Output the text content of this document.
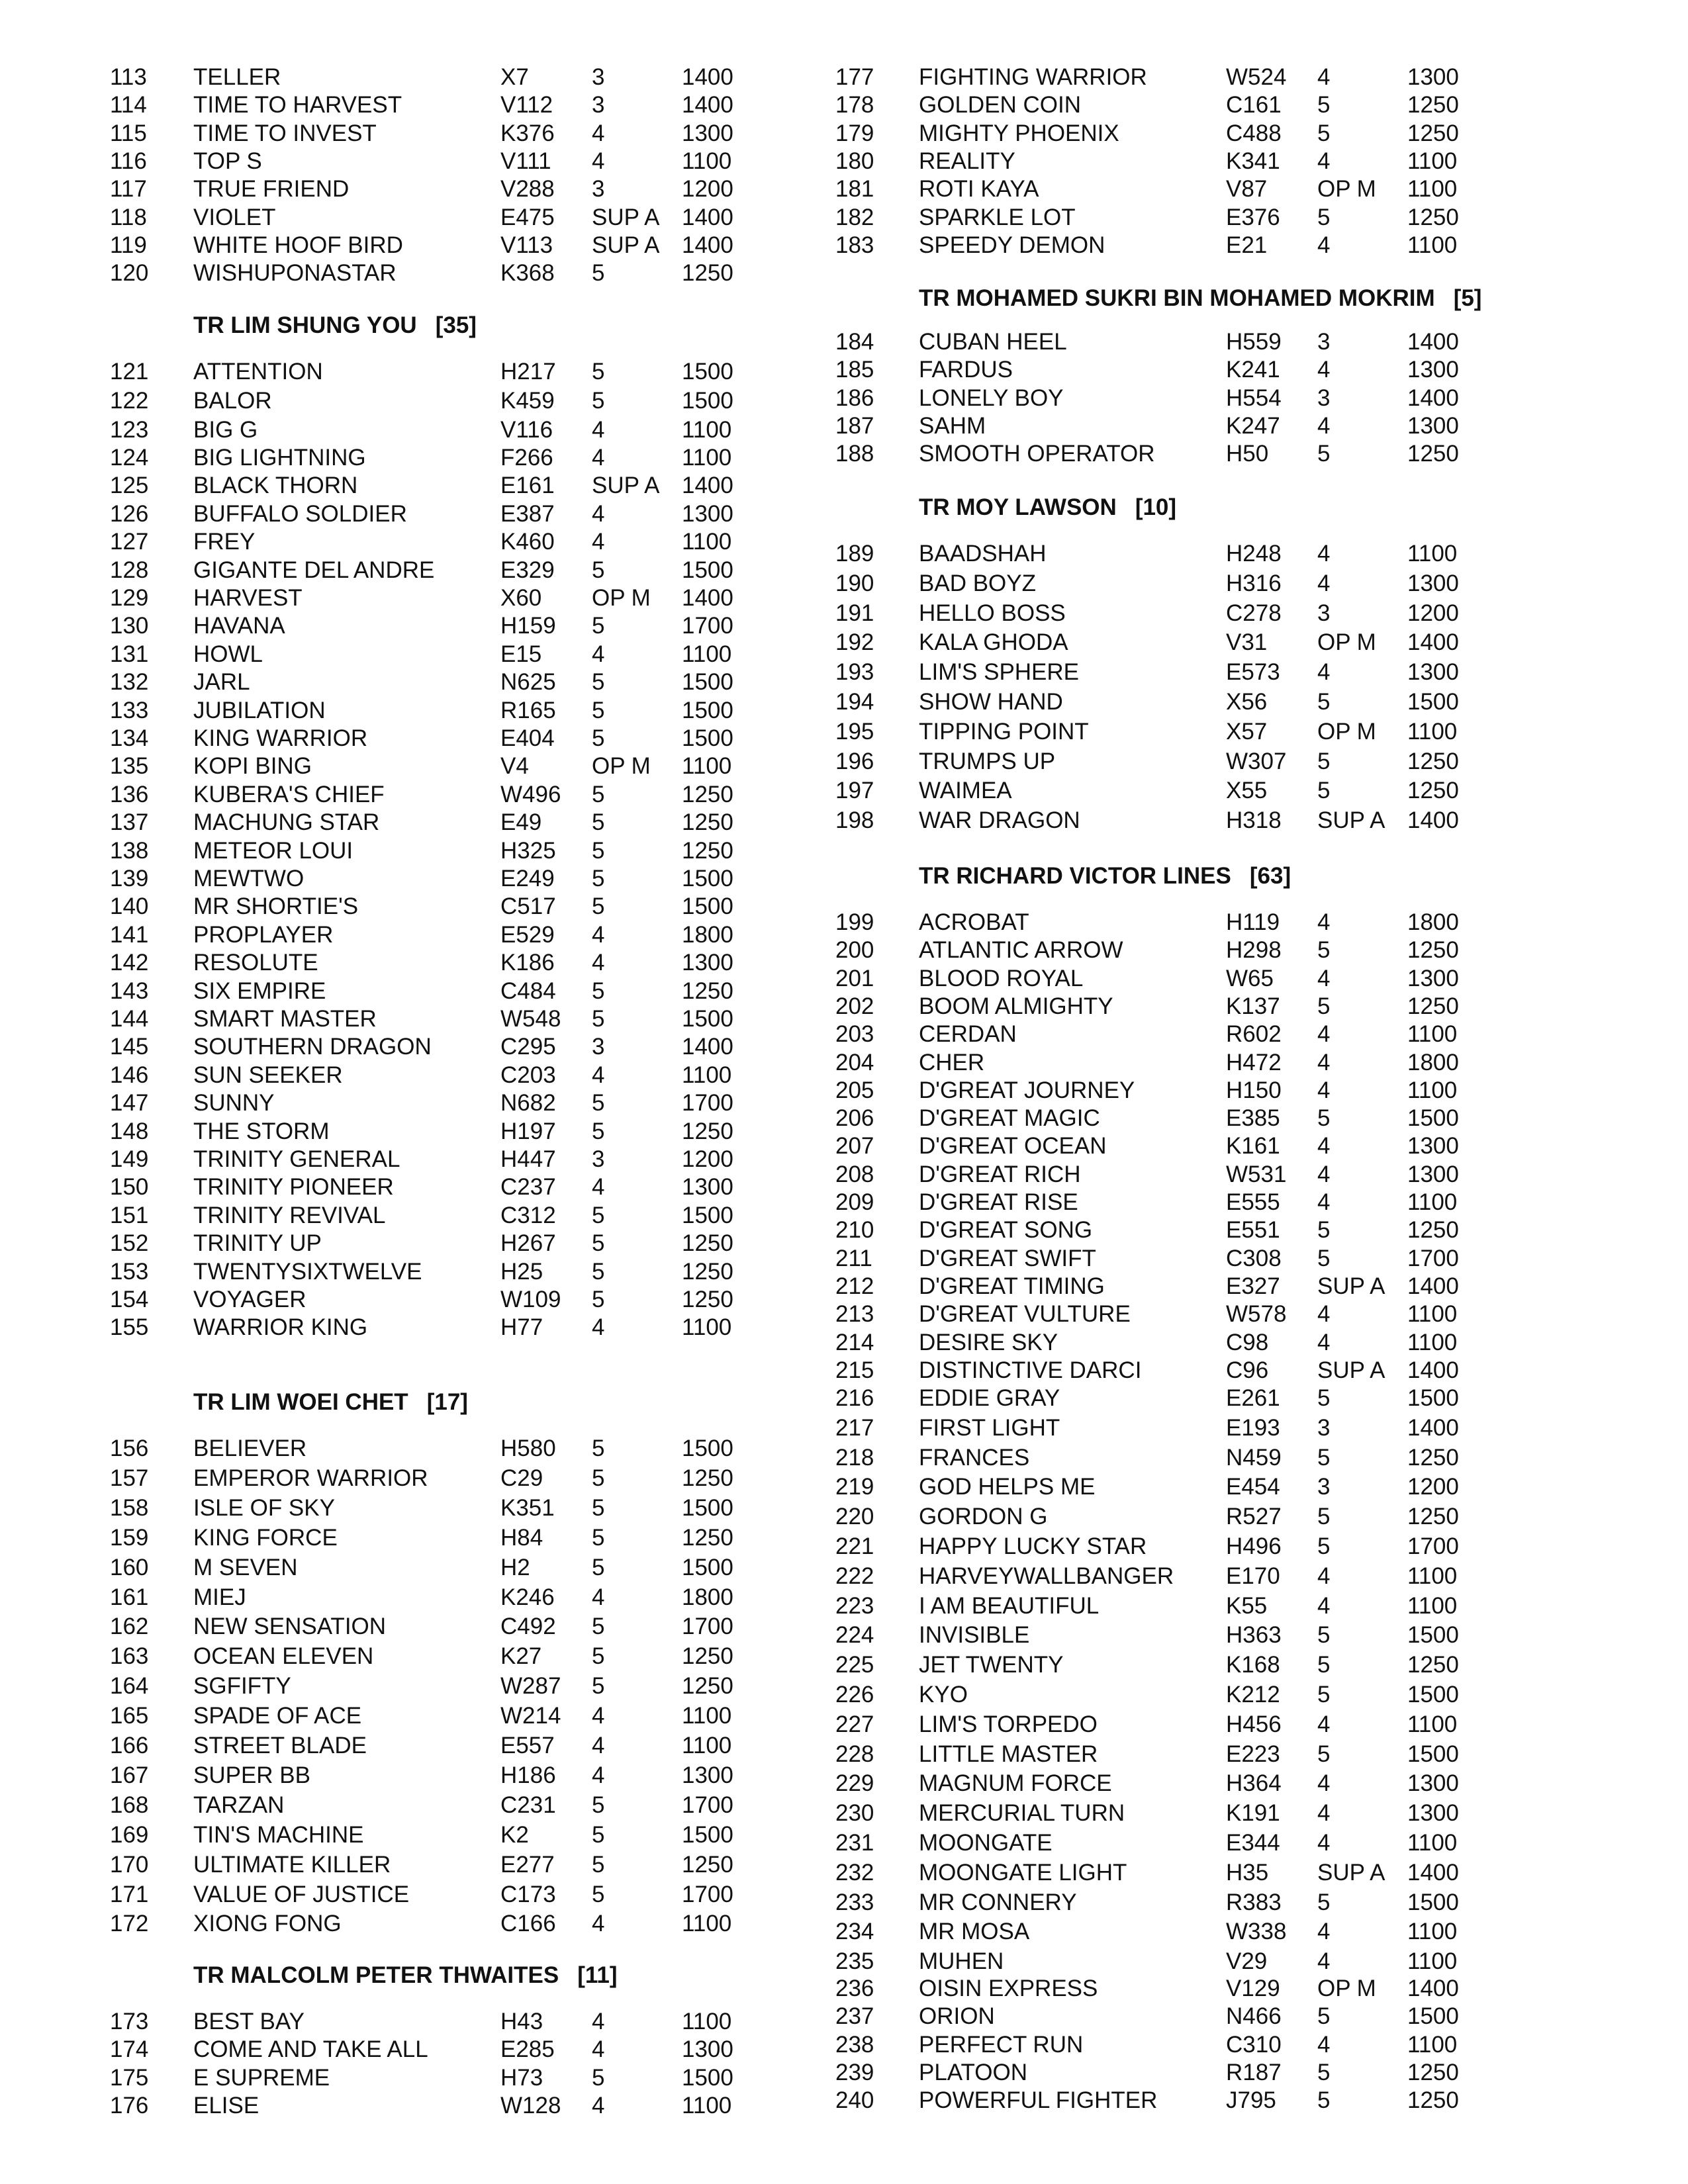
113 TELLER	X7	3	1400
114 TIME TO HARVEST	V112 3	1400
115 TIME TO INVEST	K376 4	1300
116 TOP S	V111 4	1100
117 TRUE FRIEND	V288 3	1200
118 VIOLET	E475 SUP A 1400
119 WHITE HOOF BIRD	V113 SUP A 1400
120 WISHUPONASTAR	K368 5	1250
TR LIM SHUNG YOU [35]
121 ATTENTION	H217 5	1500
122 BALOR	K459 5	1500
123 BIG G	V116 4	1100
124 BIG LIGHTNING	F266 4	1100
125 BLACK THORN	E161 SUP A 1400
126 BUFFALO SOLDIER	E387 4	1300
127 FREY	K460 4	1100
128 GIGANTE DEL ANDRE	E329 5	1500
129 HARVEST	X60 OP M 1400
130 HAVANA	H159 5	1700
131 HOWL	E15 4	1100
132 JARL	N625 5	1500
133 JUBILATION	R165 5	1500
134 KING WARRIOR	E404 5	1500
135 KOPI BING	V4	OP M 1100
136 KUBERA'S CHIEF	W496 5	1250
137 MACHUNG STAR	E49 5	1250
138 METEOR LOUI	H325 5	1250
139 MEWTWO	E249 5	1500
140 MR SHORTIE'S	C517 5	1500
141 PROPLAYER	E529 4	1800
142 RESOLUTE	K186 4	1300
143 SIX EMPIRE	C484 5	1250
144 SMART MASTER	W548 5	1500
145 SOUTHERN DRAGON	C295 3	1400
146 SUN SEEKER	C203 4	1100
147 SUNNY	N682 5	1700
148 THE STORM	H197 5	1250
149 TRINITY GENERAL	H447 3	1200
150 TRINITY PIONEER	C237 4	1300
151 TRINITY REVIVAL	C312 5	1500
152 TRINITY UP	H267 5	1250
153 TWENTYSIXTWELVE	H25 5	1250
154 VOYAGER	W109 5	1250
155 WARRIOR KING	H77 4	1100
TR LIM WOEI CHET [17]
156 BELIEVER	H580 5	1500
157 EMPEROR WARRIOR	C29 5	1250
158 ISLE OF SKY	K351 5	1500
159 KING FORCE	H84 5	1250
160 M SEVEN	H2	5	1500
161 MIEJ	K246 4	1800
162 NEW SENSATION	C492 5	1700
163 OCEAN ELEVEN	K27 5	1250
164 SGFIFTY	W287 5	1250
165 SPADE OF ACE	W214 4	1100
166 STREET BLADE	E557 4	1100
167 SUPER BB	H186 4	1300
168 TARZAN	C231 5	1700
169 TIN'S MACHINE	K2	5	1500
170 ULTIMATE KILLER	E277 5	1250
171 VALUE OF JUSTICE	C173 5	1700
172 XIONG FONG	C166 4	1100
TR MALCOLM PETER THWAITES [11]
173 BEST BAY	H43 4	1100
174 COME AND TAKE ALL	E285 4	1300
175 E SUPREME	H73 5	1500
176 ELISE	W128 4	1100
177 FIGHTING WARRIOR	W524 4	1300
178 GOLDEN COIN	C161 5	1250
179 MIGHTY PHOENIX	C488 5	1250
180 REALITY	K341 4	1100
181 ROTI KAYA	V87 OP M 1100
182 SPARKLE LOT	E376 5	1250
183 SPEEDY DEMON	E21 4	1100
TR MOHAMED SUKRI BIN MOHAMED MOKRIM [5]
184 CUBAN HEEL	H559 3	1400
185 FARDUS	K241 4	1300
186 LONELY BOY	H554 3	1400
187 SAHM	K247 4	1300
188 SMOOTH OPERATOR	H50 5	1250
TR MOY LAWSON [10]
189 BAADSHAH	H248 4	1100
190 BAD BOYZ	H316 4	1300
191 HELLO BOSS	C278 3	1200
192 KALA GHODA	V31 OP M 1400
193 LIM'S SPHERE	E573 4	1300
194 SHOW HAND	X56 5	1500
195 TIPPING POINT	X57 OP M 1100
196 TRUMPS UP	W307 5	1250
197 WAIMEA	X55 5	1250
198 WAR DRAGON	H318 SUP A 1400
TR RICHARD VICTOR LINES [63]
199 ACROBAT	H119 4	1800
200 ATLANTIC ARROW	H298 5	1250
201 BLOOD ROYAL	W65 4	1300
202 BOOM ALMIGHTY	K137 5	1250
203 CERDAN	R602 4	1100
204 CHER	H472 4	1800
205 D'GREAT JOURNEY	H150 4	1100
206 D'GREAT MAGIC	E385 5	1500
207 D'GREAT OCEAN	K161 4	1300
208 D'GREAT RICH	W531 4	1300
209 D'GREAT RISE	E555 4	1100
210 D'GREAT SONG	E551 5	1250
211 D'GREAT SWIFT	C308 5	1700
212 D'GREAT TIMING	E327 SUP A 1400
213 D'GREAT VULTURE	W578 4	1100
214 DESIRE SKY	C98 4	1100
215 DISTINCTIVE DARCI	C96 SUP A 1400
216 EDDIE GRAY	E261 5	1500
217 FIRST LIGHT	E193 3	1400
218 FRANCES	N459 5	1250
219 GOD HELPS ME	E454 3	1200
220 GORDON G	R527 5	1250
221 HAPPY LUCKY STAR	H496 5	1700
222 HARVEYWALLBANGER E170 4	1100
223 I AM BEAUTIFUL	K55 4	1100
224 INVISIBLE	H363 5	1500
225 JET TWENTY	K168 5	1250
226 KYO	K212 5	1500
227 LIM'S TORPEDO	H456 4	1100
228 LITTLE MASTER	E223 5	1500
229 MAGNUM FORCE	H364 4	1300
230 MERCURIAL TURN	K191 4	1300
231 MOONGATE	E344 4	1100
232 MOONGATE LIGHT	H35 SUP A 1400
233 MR CONNERY	R383 5	1500
234 MR MOSA	W338 4	1100
235 MUHEN	V29 4	1100
236 OISIN EXPRESS	V129 OP M 1400
237 ORION	N466 5	1500
238 PERFECT RUN	C310 4	1100
239 PLATOON	R187 5	1250
240 POWERFUL FIGHTER	J795 5	1250
